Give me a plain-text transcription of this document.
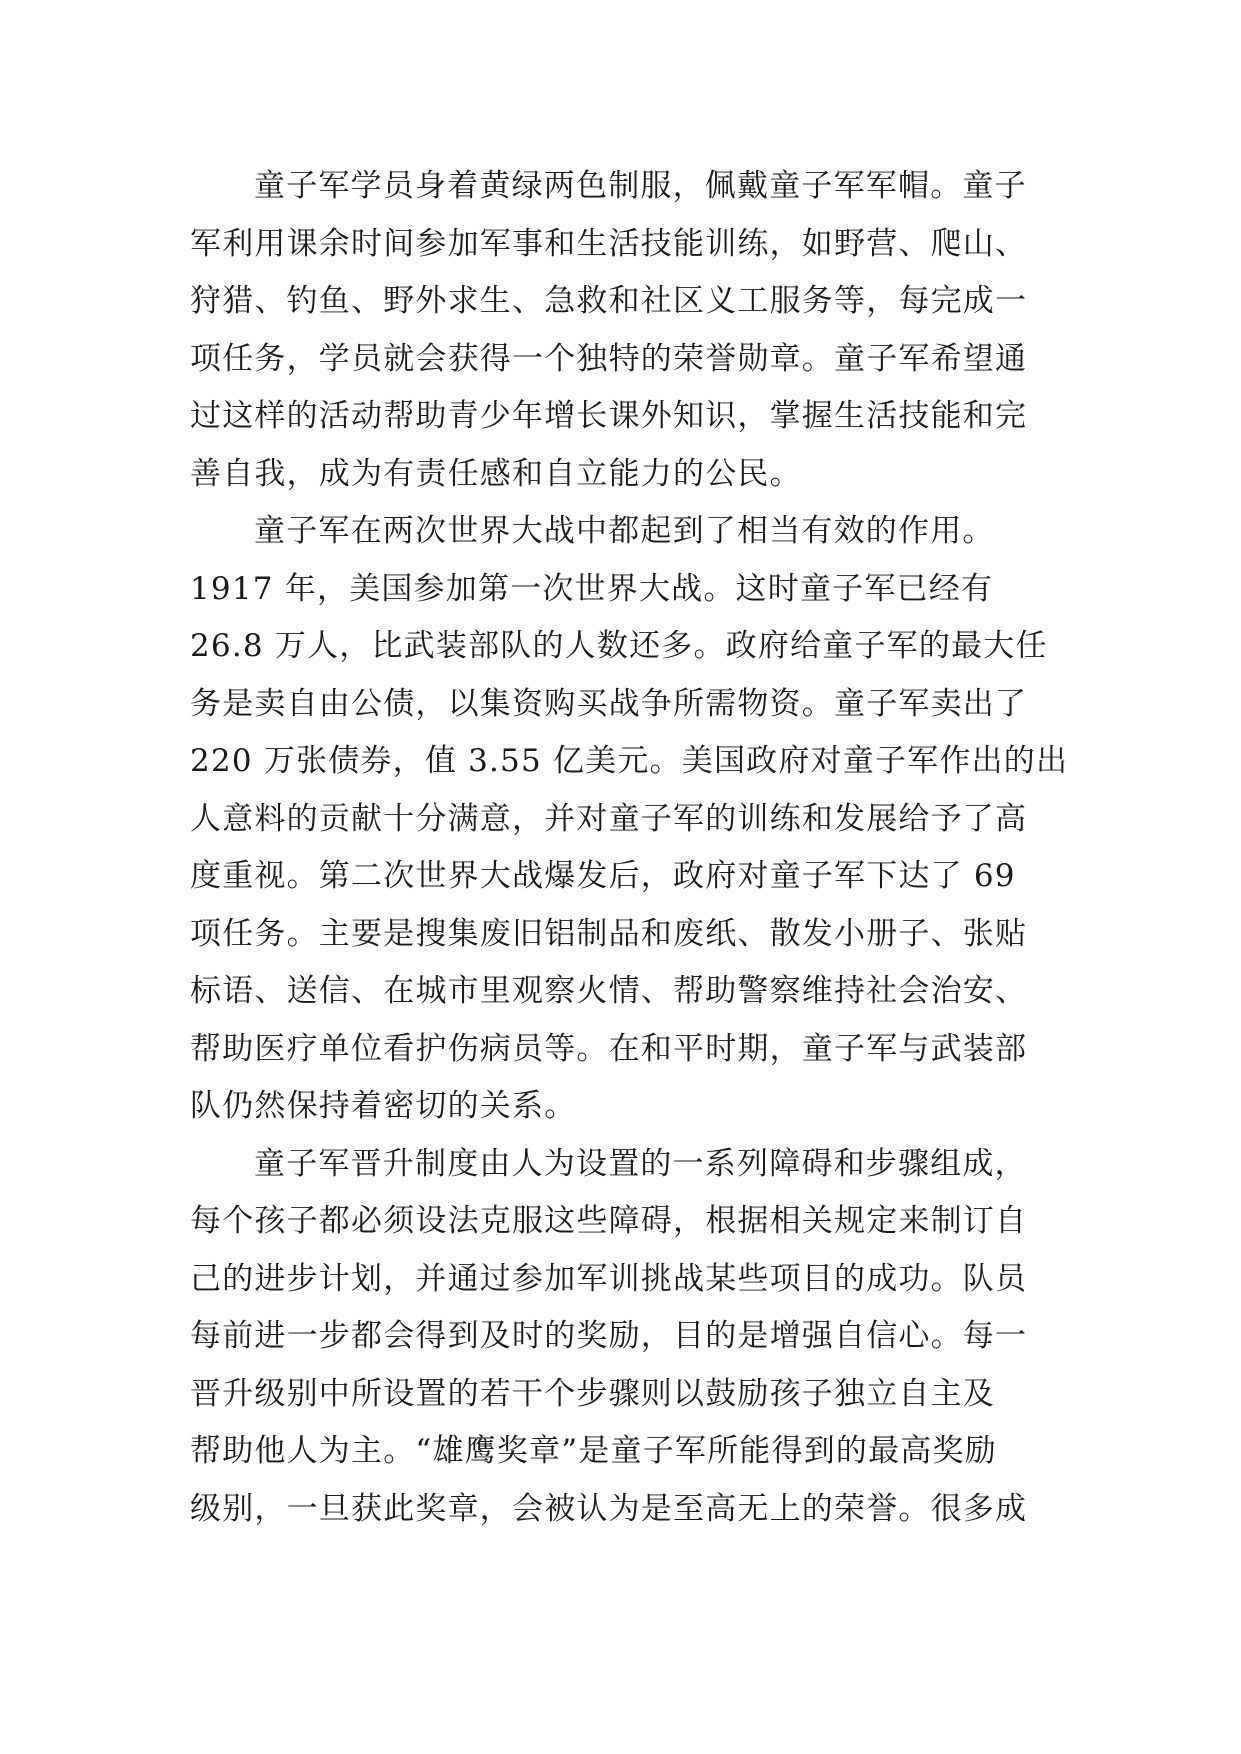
童子军学员身着黄绿两色制服，佩戴童子军军帽。童子
军利用课余时间参加军事和生活技能训练，如野营、爬山、
狩猎、钓鱼、野外求生、急救和社区义工服务等，每完成一
项任务，学员就会获得一个独特的荣誉勋章。童子军希望通
过这样的活动帮助青少年增长课外知识，掌握生活技能和完
善自我，成为有责任感和自立能力的公民。
童子军在两次世界大战中都起到了相当有效的作用。
1917 年，美国参加第一次世界大战。这时童子军已经有
26.8 万人，比武装部队的人数还多。政府给童子军的最大任
务是卖自由公债，以集资购买战争所需物资。童子军卖出了
220 万张债券，值 3.55 亿美元。美国政府对童子军作出的出
人意料的贡献十分满意，并对童子军的训练和发展给予了高
度重视。第二次世界大战爆发后，政府对童子军下达了 69
项任务。主要是搜集废旧铝制品和废纸、散发小册子、张贴
标语、送信、在城市里观察火情、帮助警察维持社会治安、
帮助医疗单位看护伤病员等。在和平时期，童子军与武装部
队仍然保持着密切的关系。
童子军晋升制度由人为设置的一系列障碍和步骤组成，
每个孩子都必须设法克服这些障碍，根据相关规定来制订自
己的进步计划，并通过参加军训挑战某些项目的成功。队员
每前进一步都会得到及时的奖励，目的是增强自信心。每一
晋升级别中所设置的若干个步骤则以鼓励孩子独立自主及
帮助他人为主。“雄鹰奖章”是童子军所能得到的最高奖励
级别，一旦获此奖章，会被认为是至高无上的荣誉。很多成
